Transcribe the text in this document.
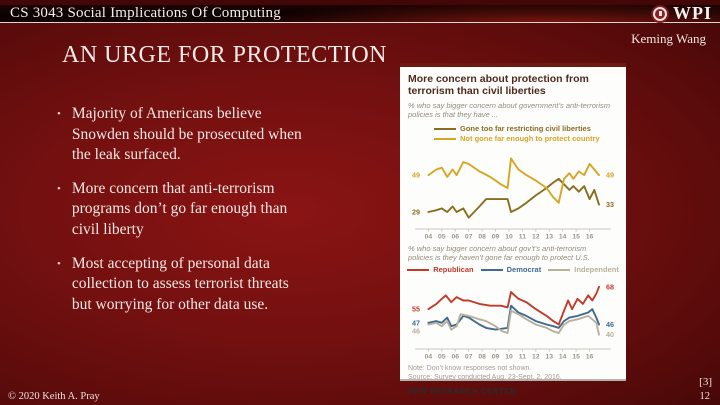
CS 3043 Social Implications Of Computing	WPI
Keming Wang
AN URGE FOR PROTECTION
• Majority of Americans believe Snowden should be prosecuted when the leak surfaced.
• More concern that anti-terrorism programs don’t go far enough than civil liberty
• Most accepting of personal data collection to assess terrorist threats but worrying for other data use.
More concern about protection from terrorism than civil liberties
% who say bigger concern about government’s anti-terrorism policies is that they have ...
Gone too far restricting civil liberties
Not gone far enough to protect country
04 05 06 07 08 09 10 11 12 13 14 15 16
49
29
49
33
% who say bigger concern about gov’t’s anti-terrorism policies is they haven’t gone far enough to protect U.S.
Republican	Democrat	Independent
04 05 06 07 08 09 10 11 12 13 14 15 16
55
47
46
68
46
40
Note: Don’t know responses not shown.
Source: Survey conducted Aug. 23-Sept. 2, 2016.
PEW RESEARCH CENTER
[3]
© 2020 Keith A. Pray	12
